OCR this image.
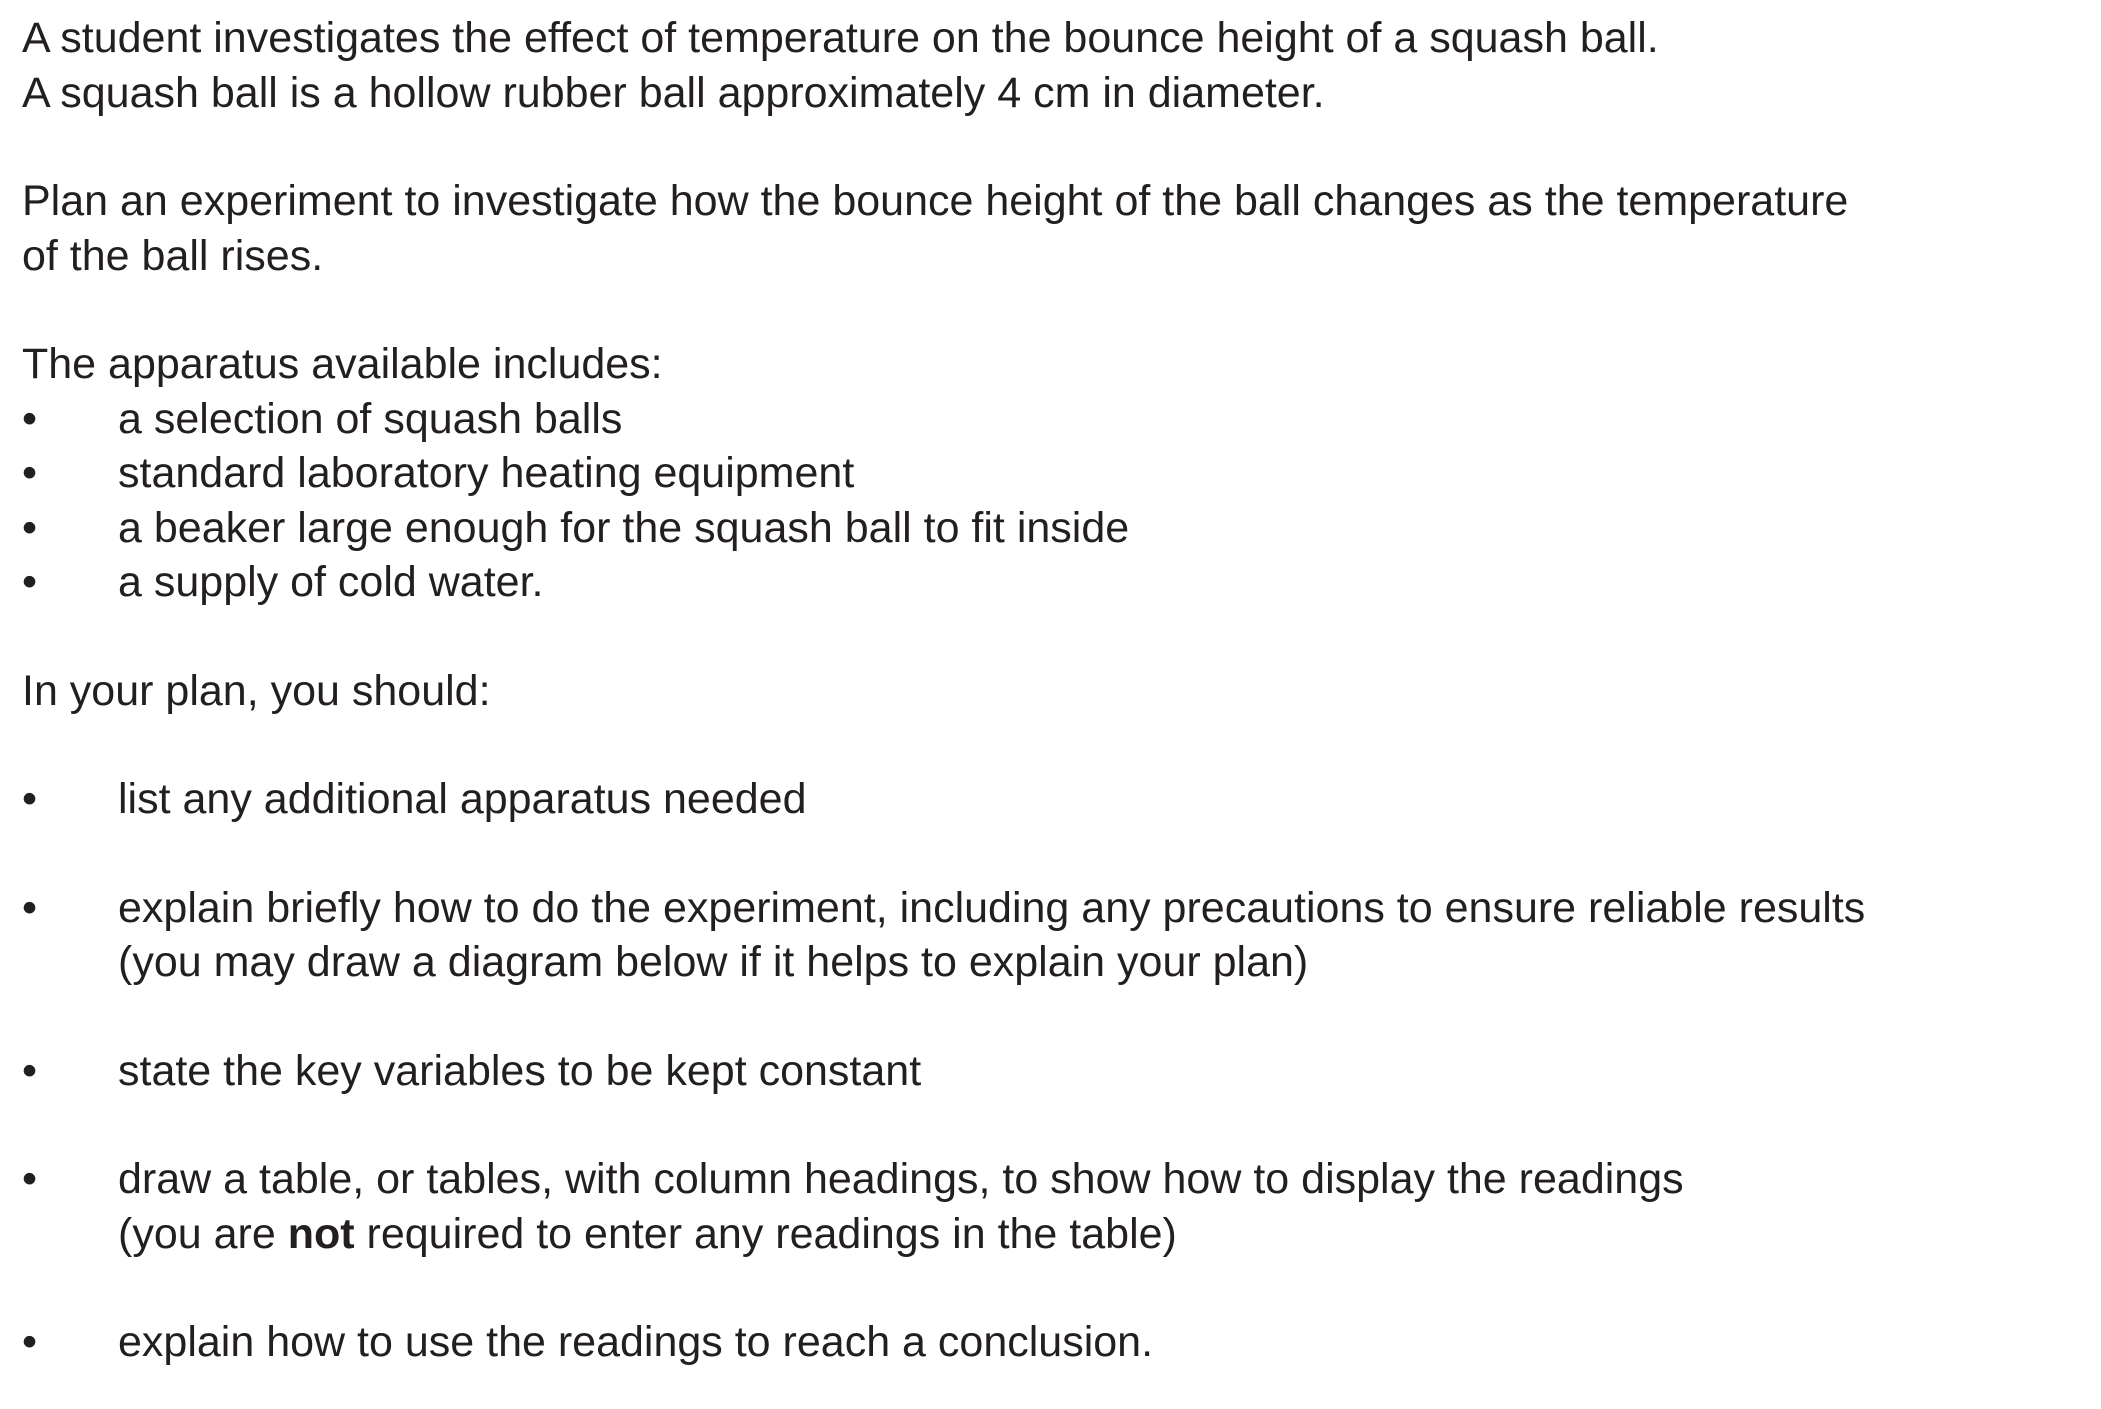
A student investigates the effect of temperature on the bounce height of a squash ball.

A squash ball is a hollow rubber ball approximately 4 cm in diameter.

Plan an experiment to investigate how the bounce height of the ball changes as the temperature

of the ball rises.

The apparatus available includes:

• a selection of squash balls
• standard laboratory heating equipment
• a beaker large enough for the squash ball to fit inside
• a supply of cold water.

In your plan, you should:

• list any additional apparatus needed
• explain briefly how to do the experiment, including any precautions to ensure reliable results
(you may draw a diagram below if it helps to explain your plan)
• state the key variables to be kept constant
• draw a table, or tables, with column headings, to show how to display the readings
(you are not required to enter any readings in the table)
• explain how to use the readings to reach a conclusion.
